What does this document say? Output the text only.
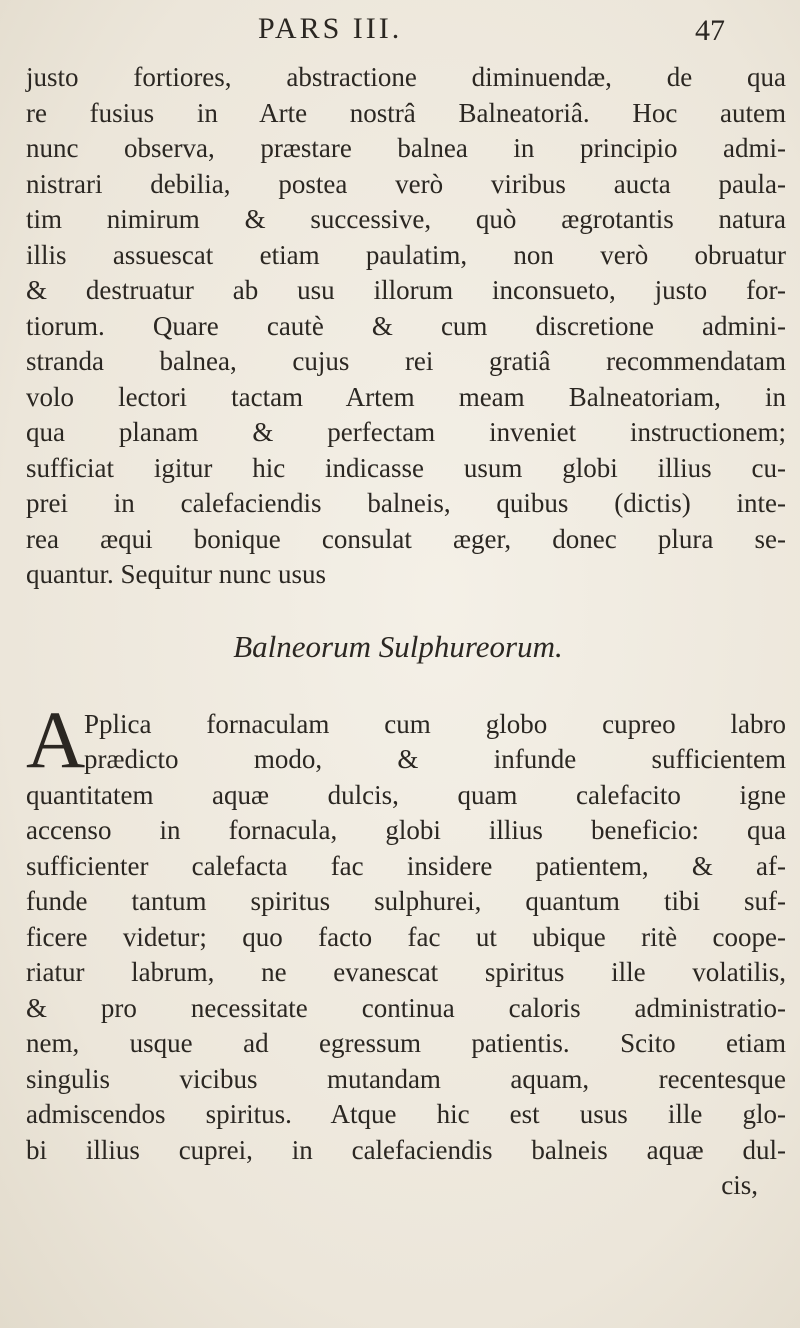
PARS III.	47
justo fortiores, abstractione diminuendæ, de qua
re fusius in Arte nostrâ Balneatoriâ. Hoc autem
nunc observa, præstare balnea in principio admi-
nistrari debilia, postea verò viribus aucta paula-
tim nimirum & successive, quò ægrotantis natura
illis assuescat etiam paulatim, non verò obruatur
& destruatur ab usu illorum inconsueto, justo for-
tiorum. Quare cautè & cum discretione admini-
stranda balnea, cujus rei gratiâ recommendatam
volo lectori tactam Artem meam Balneatoriam, in
qua planam & perfectam inveniet instructionem;
sufficiat igitur hic indicasse usum globi illius cu-
prei in calefaciendis balneis, quibus (dictis) inte-
rea æqui bonique consulat æger, donec plura se-
quantur. Sequitur nunc usus
Balneorum Sulphureorum.
A
Pplica fornaculam cum globo cupreo labro
prædicto modo, & infunde sufficientem
quantitatem aquæ dulcis, quam calefacito igne
accenso in fornacula, globi illius beneficio: qua
sufficienter calefacta fac insidere patientem, & af-
funde tantum spiritus sulphurei, quantum tibi suf-
ficere videtur; quo facto fac ut ubique ritè coope-
riatur labrum, ne evanescat spiritus ille volatilis,
& pro necessitate continua caloris administratio-
nem, usque ad egressum patientis. Scito etiam
singulis vicibus mutandam aquam, recentesque
admiscendos spiritus. Atque hic est usus ille glo-
bi illius cuprei, in calefaciendis balneis aquæ dul-
cis,
